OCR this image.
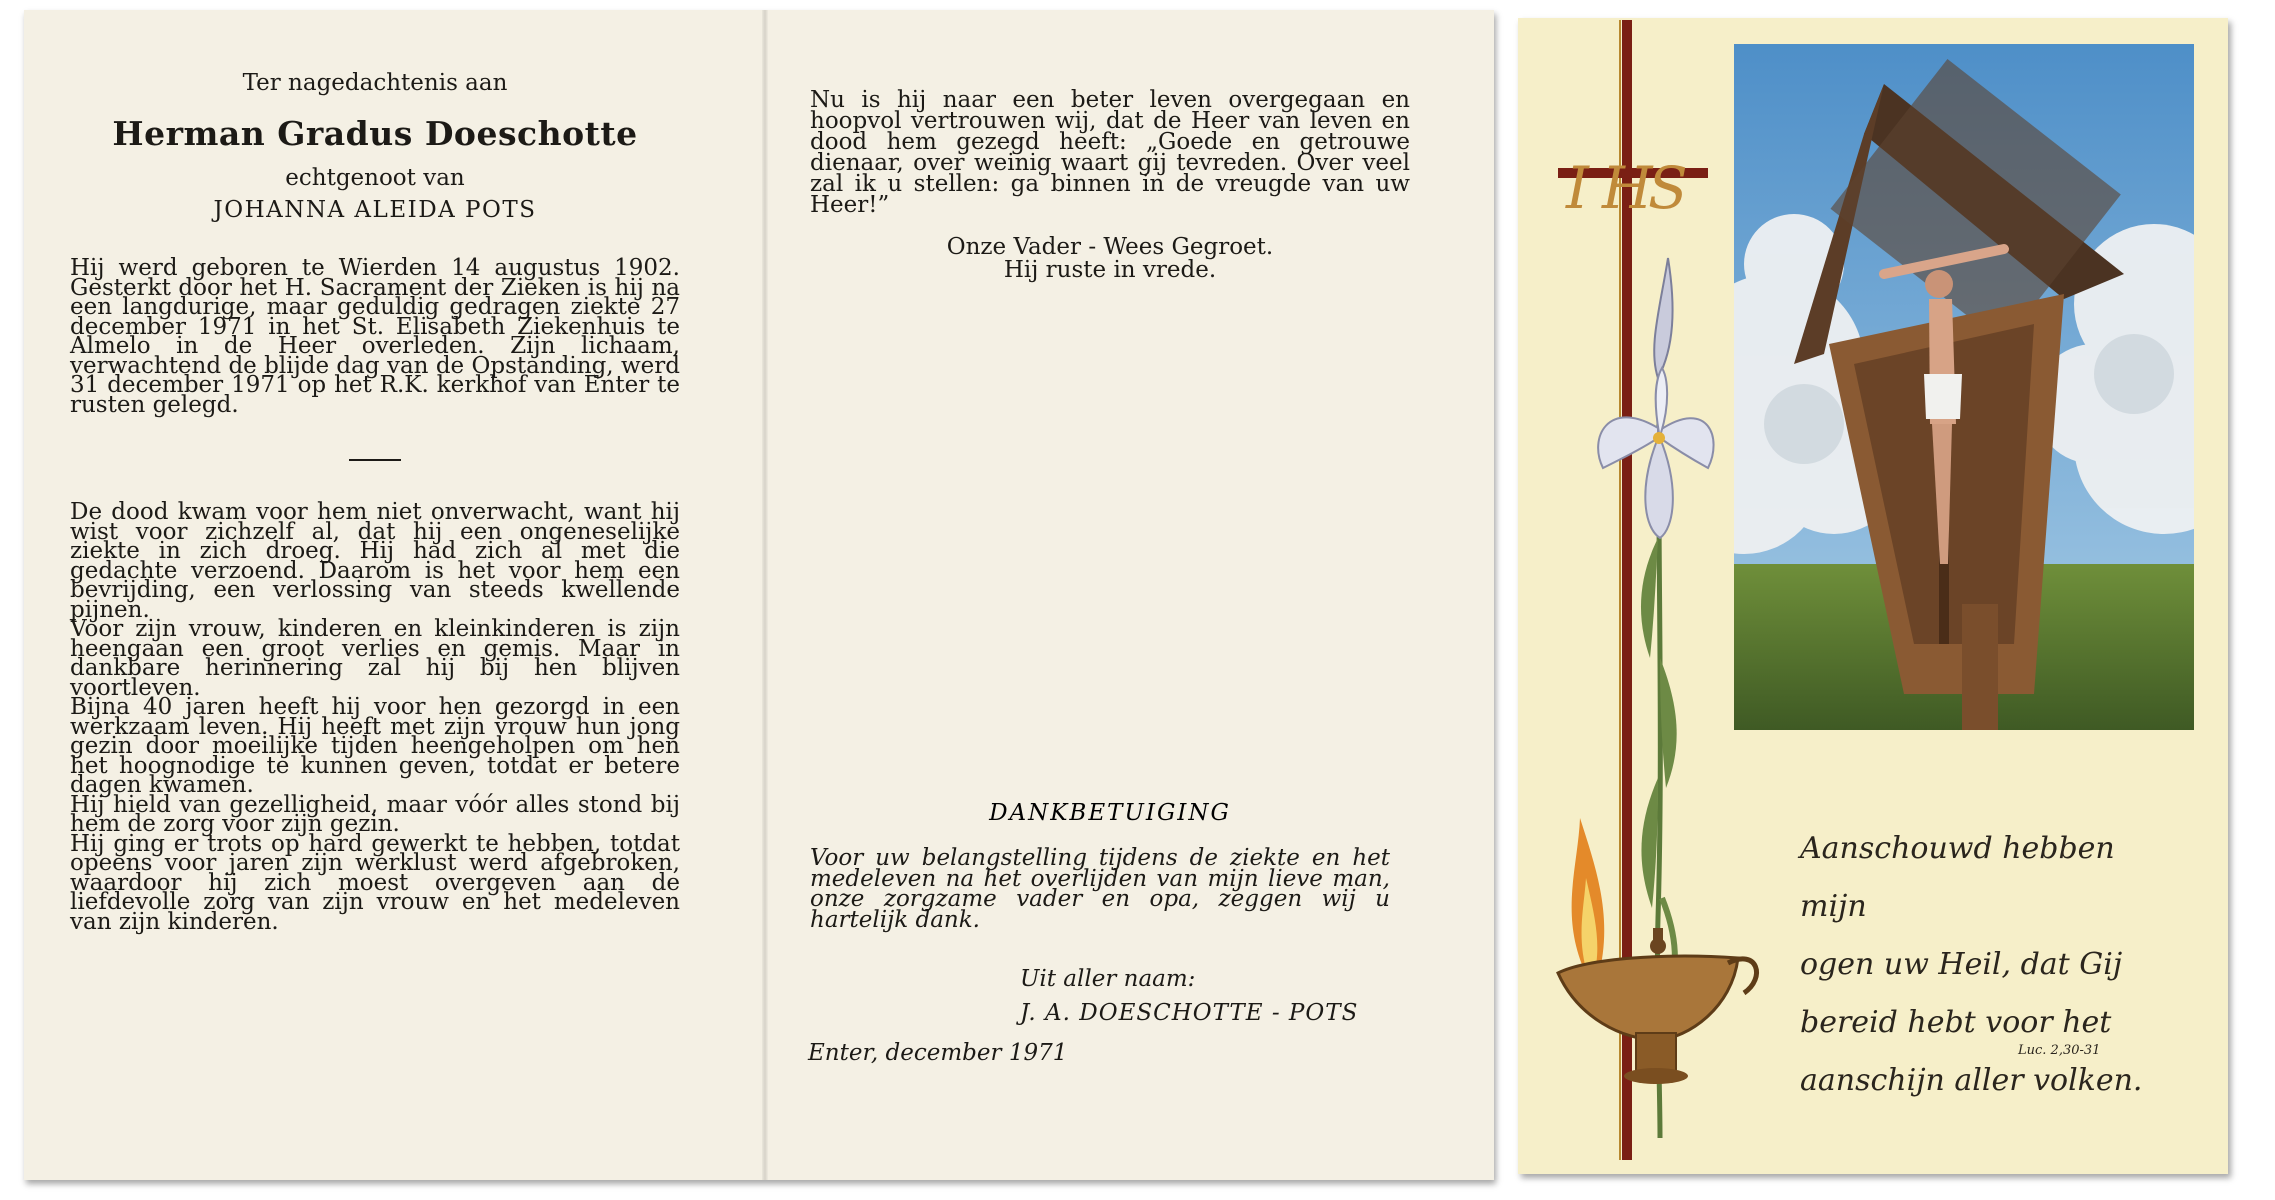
Ter nagedachtenis aan
Herman Gradus Doeschotte
echtgenoot van
JOHANNA ALEIDA POTS
Hij werd geboren te Wierden 14 augustus 1902. Gesterkt door het H. Sacrament der Zieken is hij na een langdurige, maar geduldig gedragen ziekte 27 december 1971 in het St. Elisabeth Ziekenhuis te Almelo in de Heer overleden. Zijn lichaam, verwachtend de blijde dag van de Opstanding, werd 31 december 1971 op het R.K. kerkhof van Enter te rusten gelegd.
De dood kwam voor hem niet onverwacht, want hij wist voor zichzelf al, dat hij een ongeneselijke ziekte in zich droeg. Hij had zich al met die gedachte verzoend. Daarom is het voor hem een bevrijding, een verlossing van steeds kwellende pijnen.
Voor zijn vrouw, kinderen en kleinkinderen is zijn heengaan een groot verlies en gemis. Maar in dankbare herinnering zal hij bij hen blijven voortleven.
Bijna 40 jaren heeft hij voor hen gezorgd in een werkzaam leven. Hij heeft met zijn vrouw hun jong gezin door moeilijke tijden heengeholpen om hen het hoognodige te kunnen geven, totdat er betere dagen kwamen.
Hij hield van gezelligheid, maar vóór alles stond bij hem de zorg voor zijn gezin.
Hij ging er trots op hard gewerkt te hebben, totdat opeens voor jaren zijn werklust werd afgebroken, waardoor hij zich moest overgeven aan de liefdevolle zorg van zijn vrouw en het medeleven van zijn kinderen.
Nu is hij naar een beter leven overgegaan en hoopvol vertrouwen wij, dat de Heer van leven en dood hem gezegd heeft: „Goede en getrouwe dienaar, over weinig waart gij tevreden. Over veel zal ik u stellen: ga binnen in de vreugde van uw Heer!”
Onze Vader - Wees Gegroet.
Hij ruste in vrede.
DANKBETUIGING
Voor uw belangstelling tijdens de ziekte en het medeleven na het overlijden van mijn lieve man, onze zorgzame vader en opa, zeggen wij u hartelijk dank.
Uit aller naam:
J. A. DOESCHOTTE - POTS
Enter, december 1971
I H
S
Aanschouwd hebben mijn
ogen uw Heil, dat Gij
bereid hebt voor het
aanschijn aller volken.
Luc. 2,30-31
